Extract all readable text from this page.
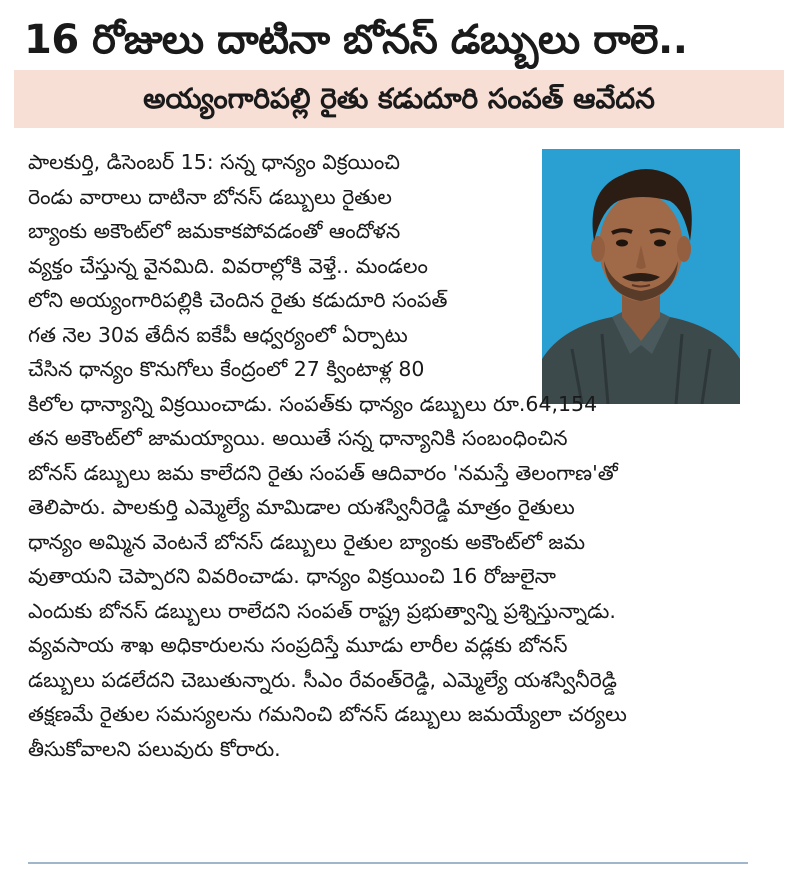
16 రోజులు దాటినా బోనస్ డబ్బులు రాలె..
అయ్యంగారిపల్లి రైతు కడుదూరి సంపత్ ఆవేదన
పాలకుర్తి, డిసెంబర్ 15: సన్న ధాన్యం విక్రయించి
రెండు వారాలు దాటినా బోనస్ డబ్బులు రైతుల
బ్యాంకు అకౌంట్‌లో జమకాకపోవడంతో ఆందోళన
వ్యక్తం చేస్తున్న వైనమిది. వివరాల్లోకి వెళ్తే.. మండలం
లోని అయ్యంగారిపల్లికి చెందిన రైతు కడుదూరి సంపత్
గత నెల 30వ తేదీన ఐకేపీ ఆధ్వర్యంలో ఏర్పాటు
చేసిన ధాన్యం కొనుగోలు కేంద్రంలో 27 క్వింటాళ్ల 80
కిలోల ధాన్యాన్ని విక్రయించాడు. సంపత్‌కు ధాన్యం డబ్బులు రూ.64,154
తన అకౌంట్‌లో జామయ్యాయి. అయితే సన్న ధాన్యానికి సంబంధించిన
బోనస్ డబ్బులు జమ కాలేదని రైతు సంపత్ ఆదివారం 'నమస్తే తెలంగాణ'తో
తెలిపారు. పాలకుర్తి ఎమ్మెల్యే మామిడాల యశస్వినీరెడ్డి మాత్రం రైతులు
ధాన్యం అమ్మిన వెంటనే బోనస్ డబ్బులు రైతుల బ్యాంకు అకౌంట్‌లో జమ
వుతాయని చెప్పారని వివరించాడు. ధాన్యం విక్రయించి 16 రోజులైనా
ఎందుకు బోనస్ డబ్బులు రాలేదని సంపత్ రాష్ట్ర ప్రభుత్వాన్ని ప్రశ్నిస్తున్నాడు.
వ్యవసాయ శాఖ అధికారులను సంప్రదిస్తే మూడు లారీల వడ్లకు బోనస్
డబ్బులు పడలేదని చెబుతున్నారు. సీఎం రేవంత్‌రెడ్డి, ఎమ్మెల్యే యశస్వినీరెడ్డి
తక్షణమే రైతుల సమస్యలను గమనించి బోనస్ డబ్బులు జమయ్యేలా చర్యలు
తీసుకోవాలని పలువురు కోరారు.
